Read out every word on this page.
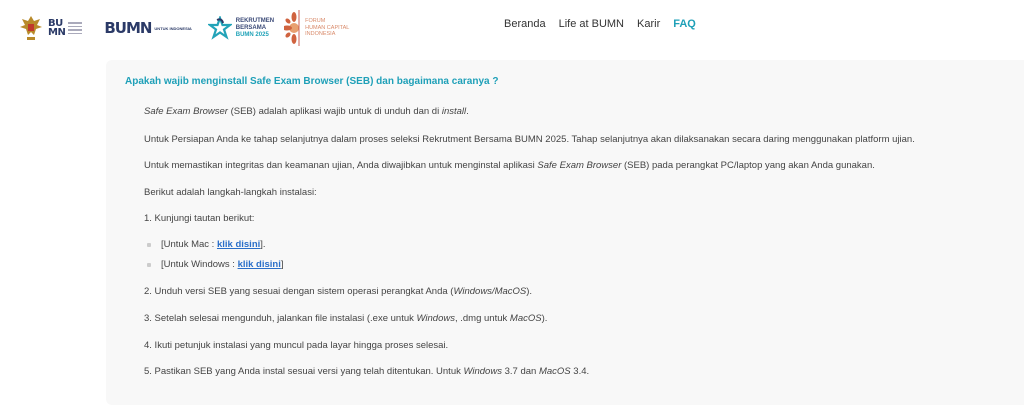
BU
MN	BUMN UNTUK INDONESIA
REKRUTMEN
BERSAMA
BUMN 2025
FORUM
HUMAN CAPITAL
INDONESIA
Beranda Life at BUMN Karir FAQ
Apakah wajib menginstall Safe Exam Browser (SEB) dan bagaimana caranya ?
Safe Exam Browser (SEB) adalah aplikasi wajib untuk di unduh dan di install.
Untuk Persiapan Anda ke tahap selanjutnya dalam proses seleksi Rekrutment Bersama BUMN 2025. Tahap selanjutnya akan dilaksanakan secara daring menggunakan platform ujian.
Untuk memastikan integritas dan keamanan ujian, Anda diwajibkan untuk menginstal aplikasi Safe Exam Browser (SEB) pada perangkat PC/laptop yang akan Anda gunakan.
Berikut adalah langkah-langkah instalasi:
1. Kunjungi tautan berikut:
[Untuk Mac : klik disini].
[Untuk Windows : klik disini]
2. Unduh versi SEB yang sesuai dengan sistem operasi perangkat Anda (Windows/MacOS).
3. Setelah selesai mengunduh, jalankan file instalasi (.exe untuk Windows, .dmg untuk MacOS).
4. Ikuti petunjuk instalasi yang muncul pada layar hingga proses selesai.
5. Pastikan SEB yang Anda instal sesuai versi yang telah ditentukan. Untuk Windows 3.7 dan MacOS 3.4.
